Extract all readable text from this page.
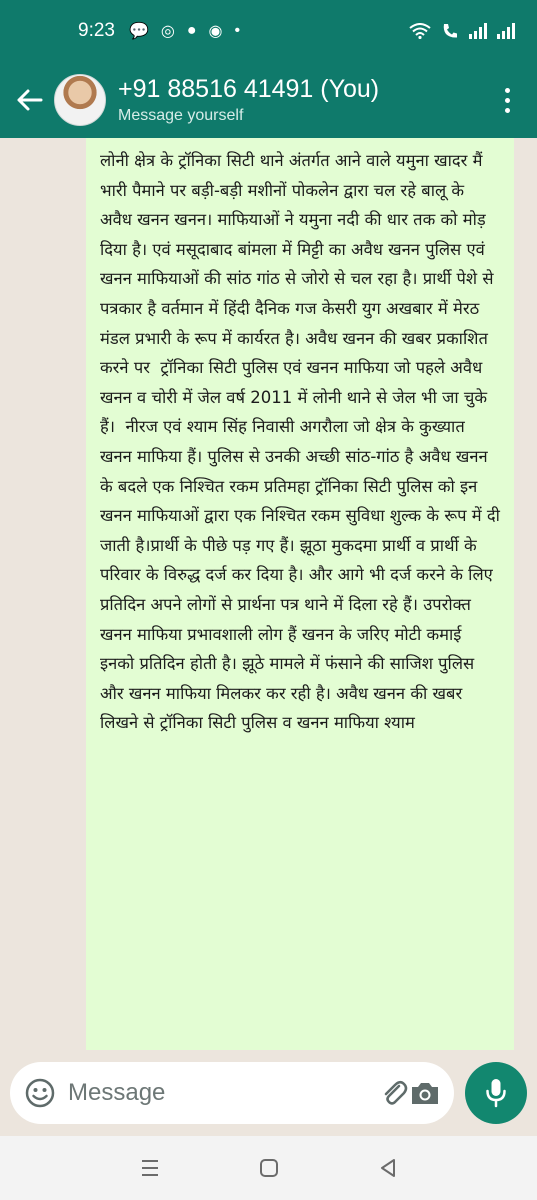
9:23 💬 ◎ ● ◉ •
+91 88516 41491 (You)
Message yourself
लोनी क्षेत्र के ट्रॉनिका सिटी थाने अंतर्गत आने वाले यमुना खादर मैं भारी पैमाने पर बड़ी-बड़ी मशीनों पोकलेन द्वारा चल रहे बालू के अवैध खनन खनन। माफियाओं ने यमुना नदी की धार तक को मोड़ दिया है। एवं मसूदाबाद बांमला में मिट्टी का अवैध खनन पुलिस एवं खनन माफियाओं की सांठ गांठ से जोरो से चल रहा है। प्रार्थी पेशे से पत्रकार है वर्तमान में हिंदी दैनिक गज केसरी युग अखबार में मेरठ मंडल प्रभारी के रूप में कार्यरत है। अवैध खनन की खबर प्रकाशित  करने पर  ट्रॉनिका सिटी पुलिस एवं खनन माफिया जो पहले अवैध खनन व चोरी में जेल वर्ष 2011 में लोनी थाने से जेल भी जा चुके हैं।  नीरज एवं श्याम सिंह निवासी अगरौला जो क्षेत्र के कुख्यात खनन माफिया हैं। पुलिस से उनकी अच्छी सांठ-गांठ है अवैध खनन के बदले एक निश्चित रकम प्रतिमहा ट्रॉनिका सिटी पुलिस को इन खनन माफियाओं द्वारा एक निश्चित रकम सुविधा शुल्क के रूप में दी जाती है।प्रार्थी के पीछे पड़ गए हैं। झूठा मुकदमा प्रार्थी व प्रार्थी के परिवार के विरुद्ध दर्ज कर दिया है। और आगे भी दर्ज करने के लिए प्रतिदिन अपने लोगों से प्रार्थना पत्र थाने में दिला रहे हैं। उपरोक्त खनन माफिया प्रभावशाली लोग हैं खनन के जरिए मोटी कमाई इनको प्रतिदिन होती है। झूठे मामले में फंसाने की साजिश पुलिस और खनन माफिया मिलकर कर रही है। अवैध खनन की खबर लिखने से ट्रॉनिका सिटी पुलिस व खनन माफिया श्याम
Message
